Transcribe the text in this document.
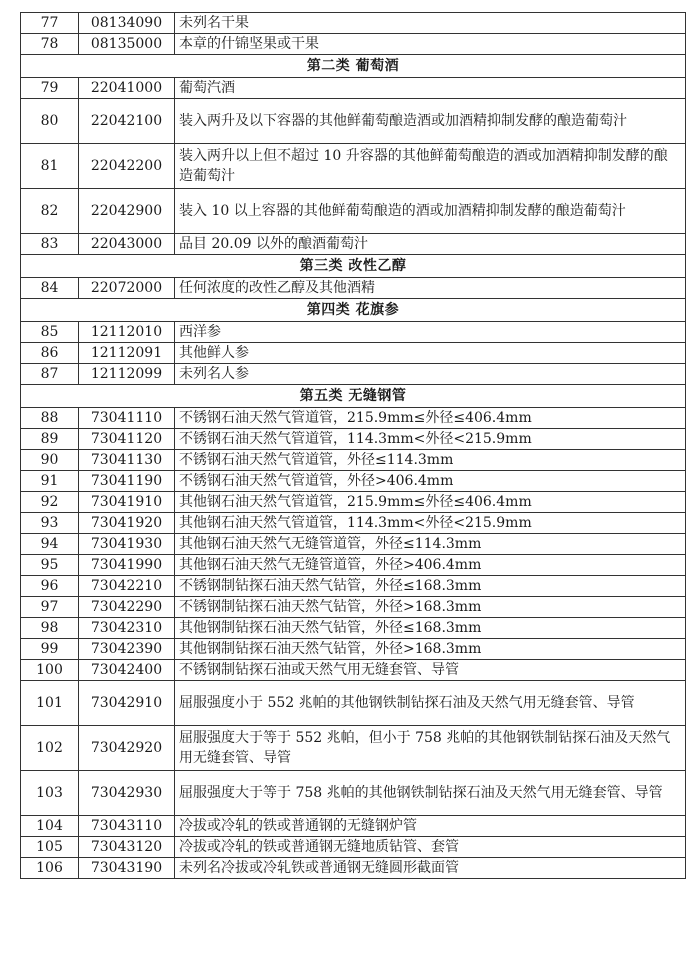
77	08134090	未列名干果
78	08135000	本章的什锦坚果或干果
第二类 葡萄酒		
79	22041000	葡萄汽酒
80	22042100	装入两升及以下容器的其他鲜葡萄酿造酒或加酒精抑制发酵的酿造葡萄汁
81	22042200	装入两升以上但不超过 10 升容器的其他鲜葡萄酿造的酒或加酒精抑制发酵的酿造葡萄汁
82	22042900	装入 10 以上容器的其他鲜葡萄酿造的酒或加酒精抑制发酵的酿造葡萄汁
83	22043000	品目 20.09 以外的酿酒葡萄汁
第三类 改性乙醇		
84	22072000	任何浓度的改性乙醇及其他酒精
第四类 花旗参		
85	12112010	西洋参
86	12112091	其他鲜人参
87	12112099	未列名人参
第五类 无缝钢管		
88	73041110	不锈钢石油天然气管道管，215.9mm≤外径≤406.4mm
89	73041120	不锈钢石油天然气管道管，114.3mm<外径<215.9mm
90	73041130	不锈钢石油天然气管道管，外径≤114.3mm
91	73041190	不锈钢石油天然气管道管，外径>406.4mm
92	73041910	其他钢石油天然气管道管，215.9mm≤外径≤406.4mm
93	73041920	其他钢石油天然气管道管，114.3mm<外径<215.9mm
94	73041930	其他钢石油天然气无缝管道管，外径≤114.3mm
95	73041990	其他钢石油天然气无缝管道管，外径>406.4mm
96	73042210	不锈钢制钻探石油天然气钻管，外径≤168.3mm
97	73042290	不锈钢制钻探石油天然气钻管，外径>168.3mm
98	73042310	其他钢制钻探石油天然气钻管，外径≤168.3mm
99	73042390	其他钢制钻探石油天然气钻管，外径>168.3mm
100	73042400	不锈钢制钻探石油或天然气用无缝套管、导管
101	73042910	屈服强度小于 552 兆帕的其他钢铁制钻探石油及天然气用无缝套管、导管
102	73042920	屈服强度大于等于 552 兆帕，但小于 758 兆帕的其他钢铁制钻探石油及天然气用无缝套管、导管
103	73042930	屈服强度大于等于 758 兆帕的其他钢铁制钻探石油及天然气用无缝套管、导管
104	73043110	冷拔或冷轧的铁或普通钢的无缝钢炉管
105	73043120	冷拔或冷轧的铁或普通钢无缝地质钻管、套管
106	73043190	未列名冷拔或冷轧铁或普通钢无缝圆形截面管
